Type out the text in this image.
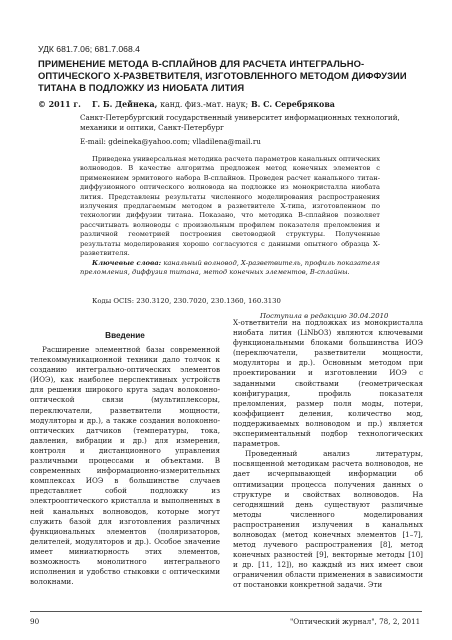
УДК 681.7.06; 681.7.068.4
ПРИМЕНЕНИЕ МЕТОДА В-СПЛАЙНОВ ДЛЯ РАСЧЕТА ИНТЕГРАЛЬНО-ОПТИЧЕСКОГО Х-РАЗВЕТВИТЕЛЯ, ИЗГОТОВЛЕННОГО МЕТОДОМ ДИФФУЗИИ ТИТАНА В ПОДЛОЖКУ ИЗ НИОБАТА ЛИТИЯ
© 2011 г. Г. Б. Дейнека, канд. физ.-мат. наук; В. С. Серебрякова
Санкт-Петербургский государственный университет информационных технологий, механики и оптики, Санкт-Петербург
E-mail: gdeineka@yahoo.com; vlladilena@mail.ru
Приведена универсальная методика расчета параметров канальных оптических волноводов. В качестве алгоритма предложен метод конечных элементов с применением эрмитового набора В-сплайнов. Проведен расчет канального титан-диффузионного оптического волновода на подложке из монокристалла ниобата лития. Представлены результаты численного моделирования распространения излучения предлагаемым методом в разветвителе Х-типа, изготовленном по технологии диффузии титана. Показано, что методика В-сплайнов позволяет рассчитывать волноводы с произвольным профилем показателя преломления и различной геометрией построения световодной структуры. Полученные результаты моделирования хорошо согласуются с данными опытного образца Х-разветвителя.
Ключевые слова: канальный волновод, Х-разветвитель, профиль показателя преломления, диффузия титана, метод конечных элементов, В-сплайны.
Коды OCIS: 230.3120, 230.7020, 230.1360, 160.3130
Поступила в редакцию 30.04.2010
Введение

Расширение элементной базы современной телекоммуникационной техники дало толчок к созданию интегрально-оптических элементов (ИОЭ), как наиболее перспективных устройств для решения широкого круга задач волоконно-оптической связи (мультиплексоры, переключатели, разветвители мощности, модуляторы и др.), а также создания волоконно-оптических датчиков (температуры, тока, давления, вибрации и др.) для измерения, контроля и дистанционного управления различными процессами и объектами. В современных информационно-измерительных комплексах ИОЭ в большинстве случаев представляет собой подложку из электрооптического кристалла и выполненных в ней канальных волноводов, которые могут служить базой для изготовления различных функциональных элементов (поляризаторов, делителей, модуляторов и др.). Особое значение имеет миниатюрность этих элементов, возможность монолитного интегрального исполнения и удобство стыковки с оптическими волокнами.

Х-ответвители на подложках из монокристалла ниобата лития (LiNbO3) являются ключевыми функциональными блоками большинства ИОЭ (переключатели, разветвители мощности, модуляторы и др.). Основным методом при проектировании и изготовлении ИОЭ с заданными свойствами (геометрическая конфигурация, профиль показателя преломления, размер поля моды, потери, коэффициент деления, количество мод, поддерживаемых волноводом и пр.) является экспериментальный подбор технологических параметров.

Проведенный анализ литературы, посвященной методикам расчета волноводов, не дает исчерпывающей информации об оптимизации процесса получения данных о структуре и свойствах волноводов. На сегодняшний день существуют различные методы численного моделирования распространения излучения в канальных волноводах (метод конечных элементов [1–7], метод лучевого распространения [8], метод конечных разностей [9], векторные методы [10] и др. [11, 12]), но каждый из них имеет свои ограничения области применения в зависимости от постановки конкретной задачи. Эти

90	"Оптический журнал", 78, 2, 2011
